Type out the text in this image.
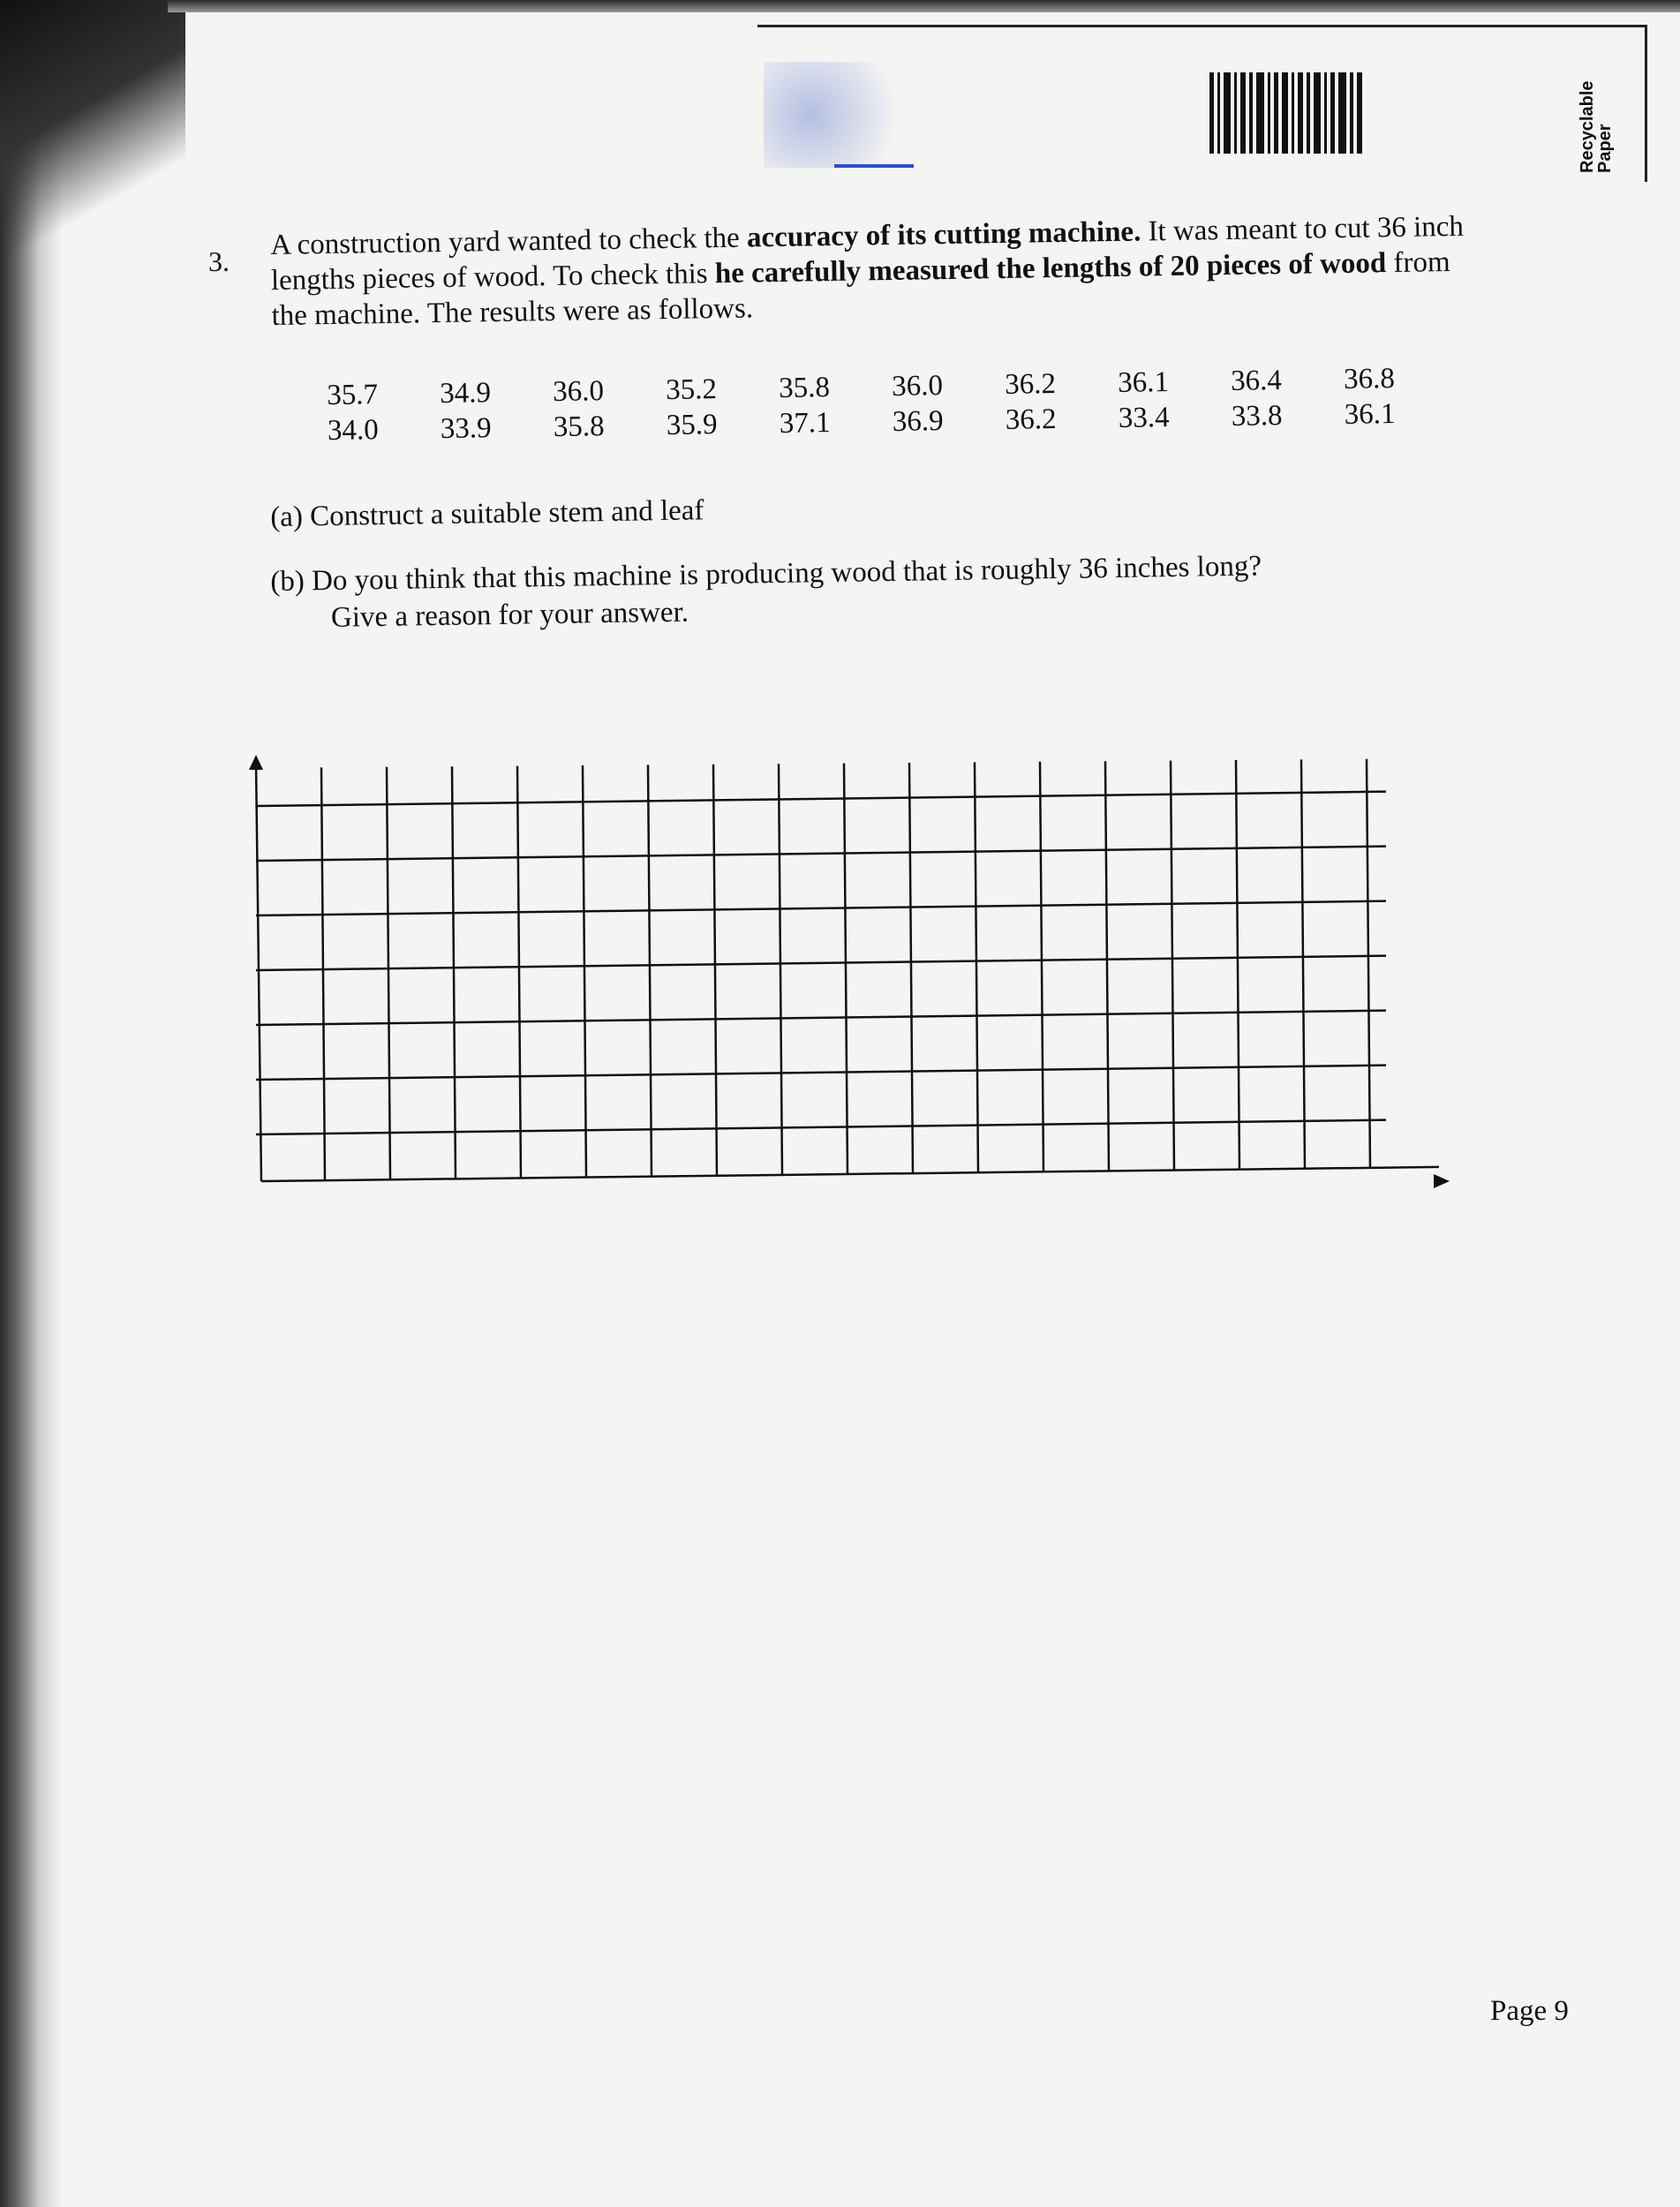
Recyclable
Paper
3.
A construction yard wanted to check the accuracy of its cutting machine. It was meant to cut 36 inch
lengths pieces of wood. To check this he carefully measured the lengths of 20 pieces of wood from
the machine. The results were as follows.
35.7	34.9	36.0	35.2	35.8	36.0	36.2	36.1	36.4	36.8
34.0	33.9	35.8	35.9	37.1	36.9	36.2	33.4	33.8	36.1
(a) Construct a suitable stem and leaf
(b) Do you think that this machine is producing wood that is roughly 36 inches long?
Give a reason for your answer.
Page 9
